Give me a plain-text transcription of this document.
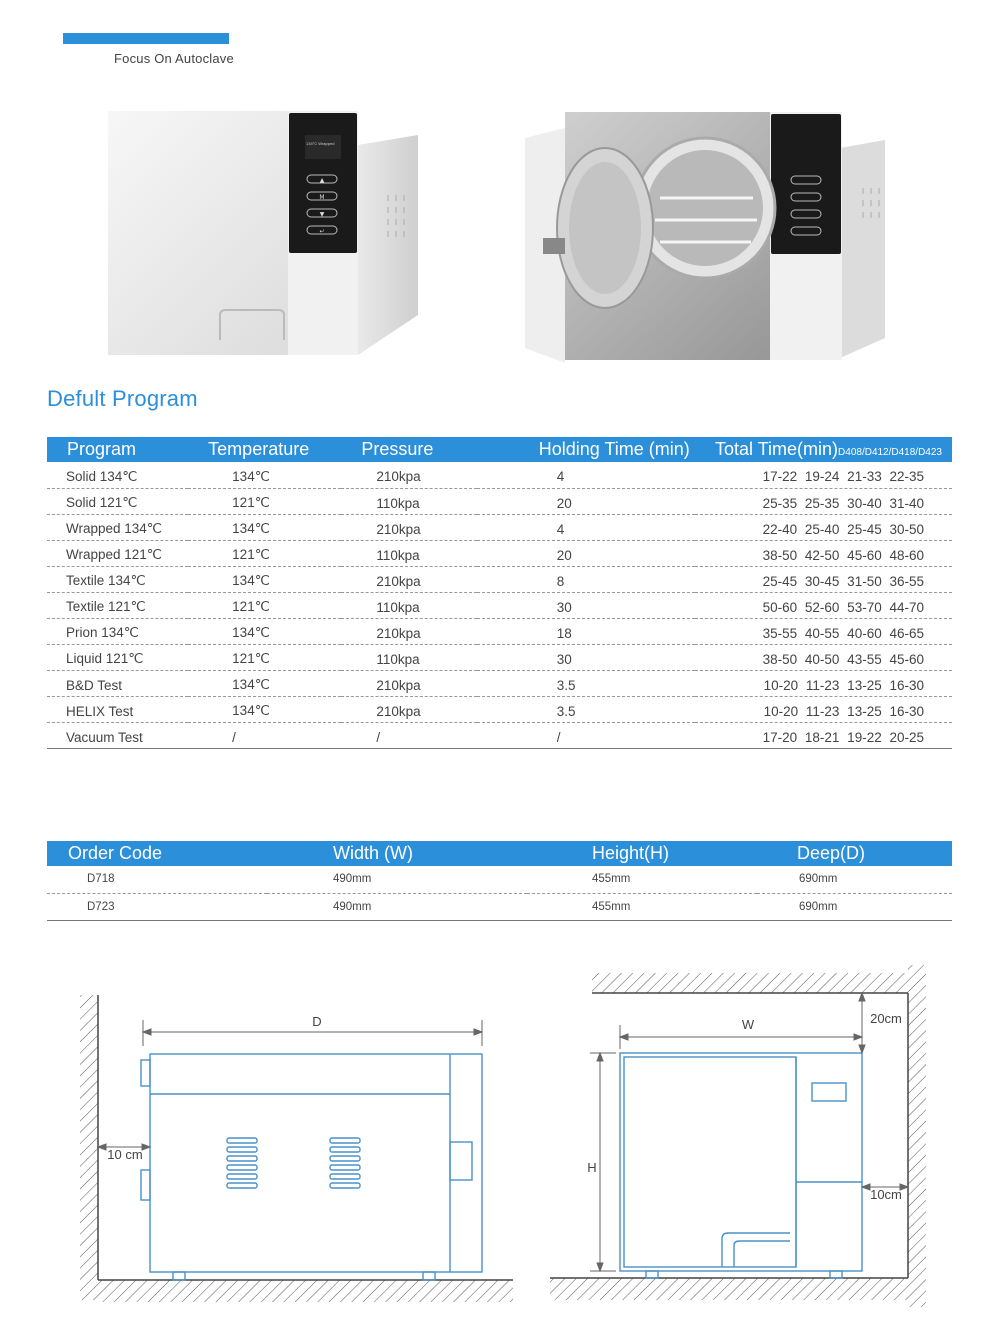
Focus On Autoclave
134°C Wrapped
▲
M
▼
↵
Defult Program
Program	Temperature	Pressure	Holding Time (min)	Total Time(min)D408/D412/D418/D423
Solid 134℃	134℃	210kpa	4	17-22 19-24 21-33 22-35
Solid 121℃	121℃	110kpa	20	25-35 25-35 30-40 31-40
Wrapped 134℃	134℃	210kpa	4	22-40 25-40 25-45 30-50
Wrapped 121℃	121℃	110kpa	20	38-50 42-50 45-60 48-60
Textile 134℃	134℃	210kpa	8	25-45 30-45 31-50 36-55
Textile 121℃	121℃	110kpa	30	50-60 52-60 53-70 44-70
Prion 134℃	134℃	210kpa	18	35-55 40-55 40-60 46-65
Liquid 121℃	121℃	110kpa	30	38-50 40-50 43-55 45-60
B&D Test	134℃	210kpa	3.5	10-20 11-23 13-25 16-30
HELIX Test	134℃	210kpa	3.5	10-20 11-23 13-25 16-30
Vacuum Test	/	/	/	17-20 18-21 19-22 20-25
Order Code	Width (W)	Height(H)	Deep(D)
D718	490mm	455mm	690mm
D723	490mm	455mm	690mm
D
10 cm
W
H
20cm
10cm
